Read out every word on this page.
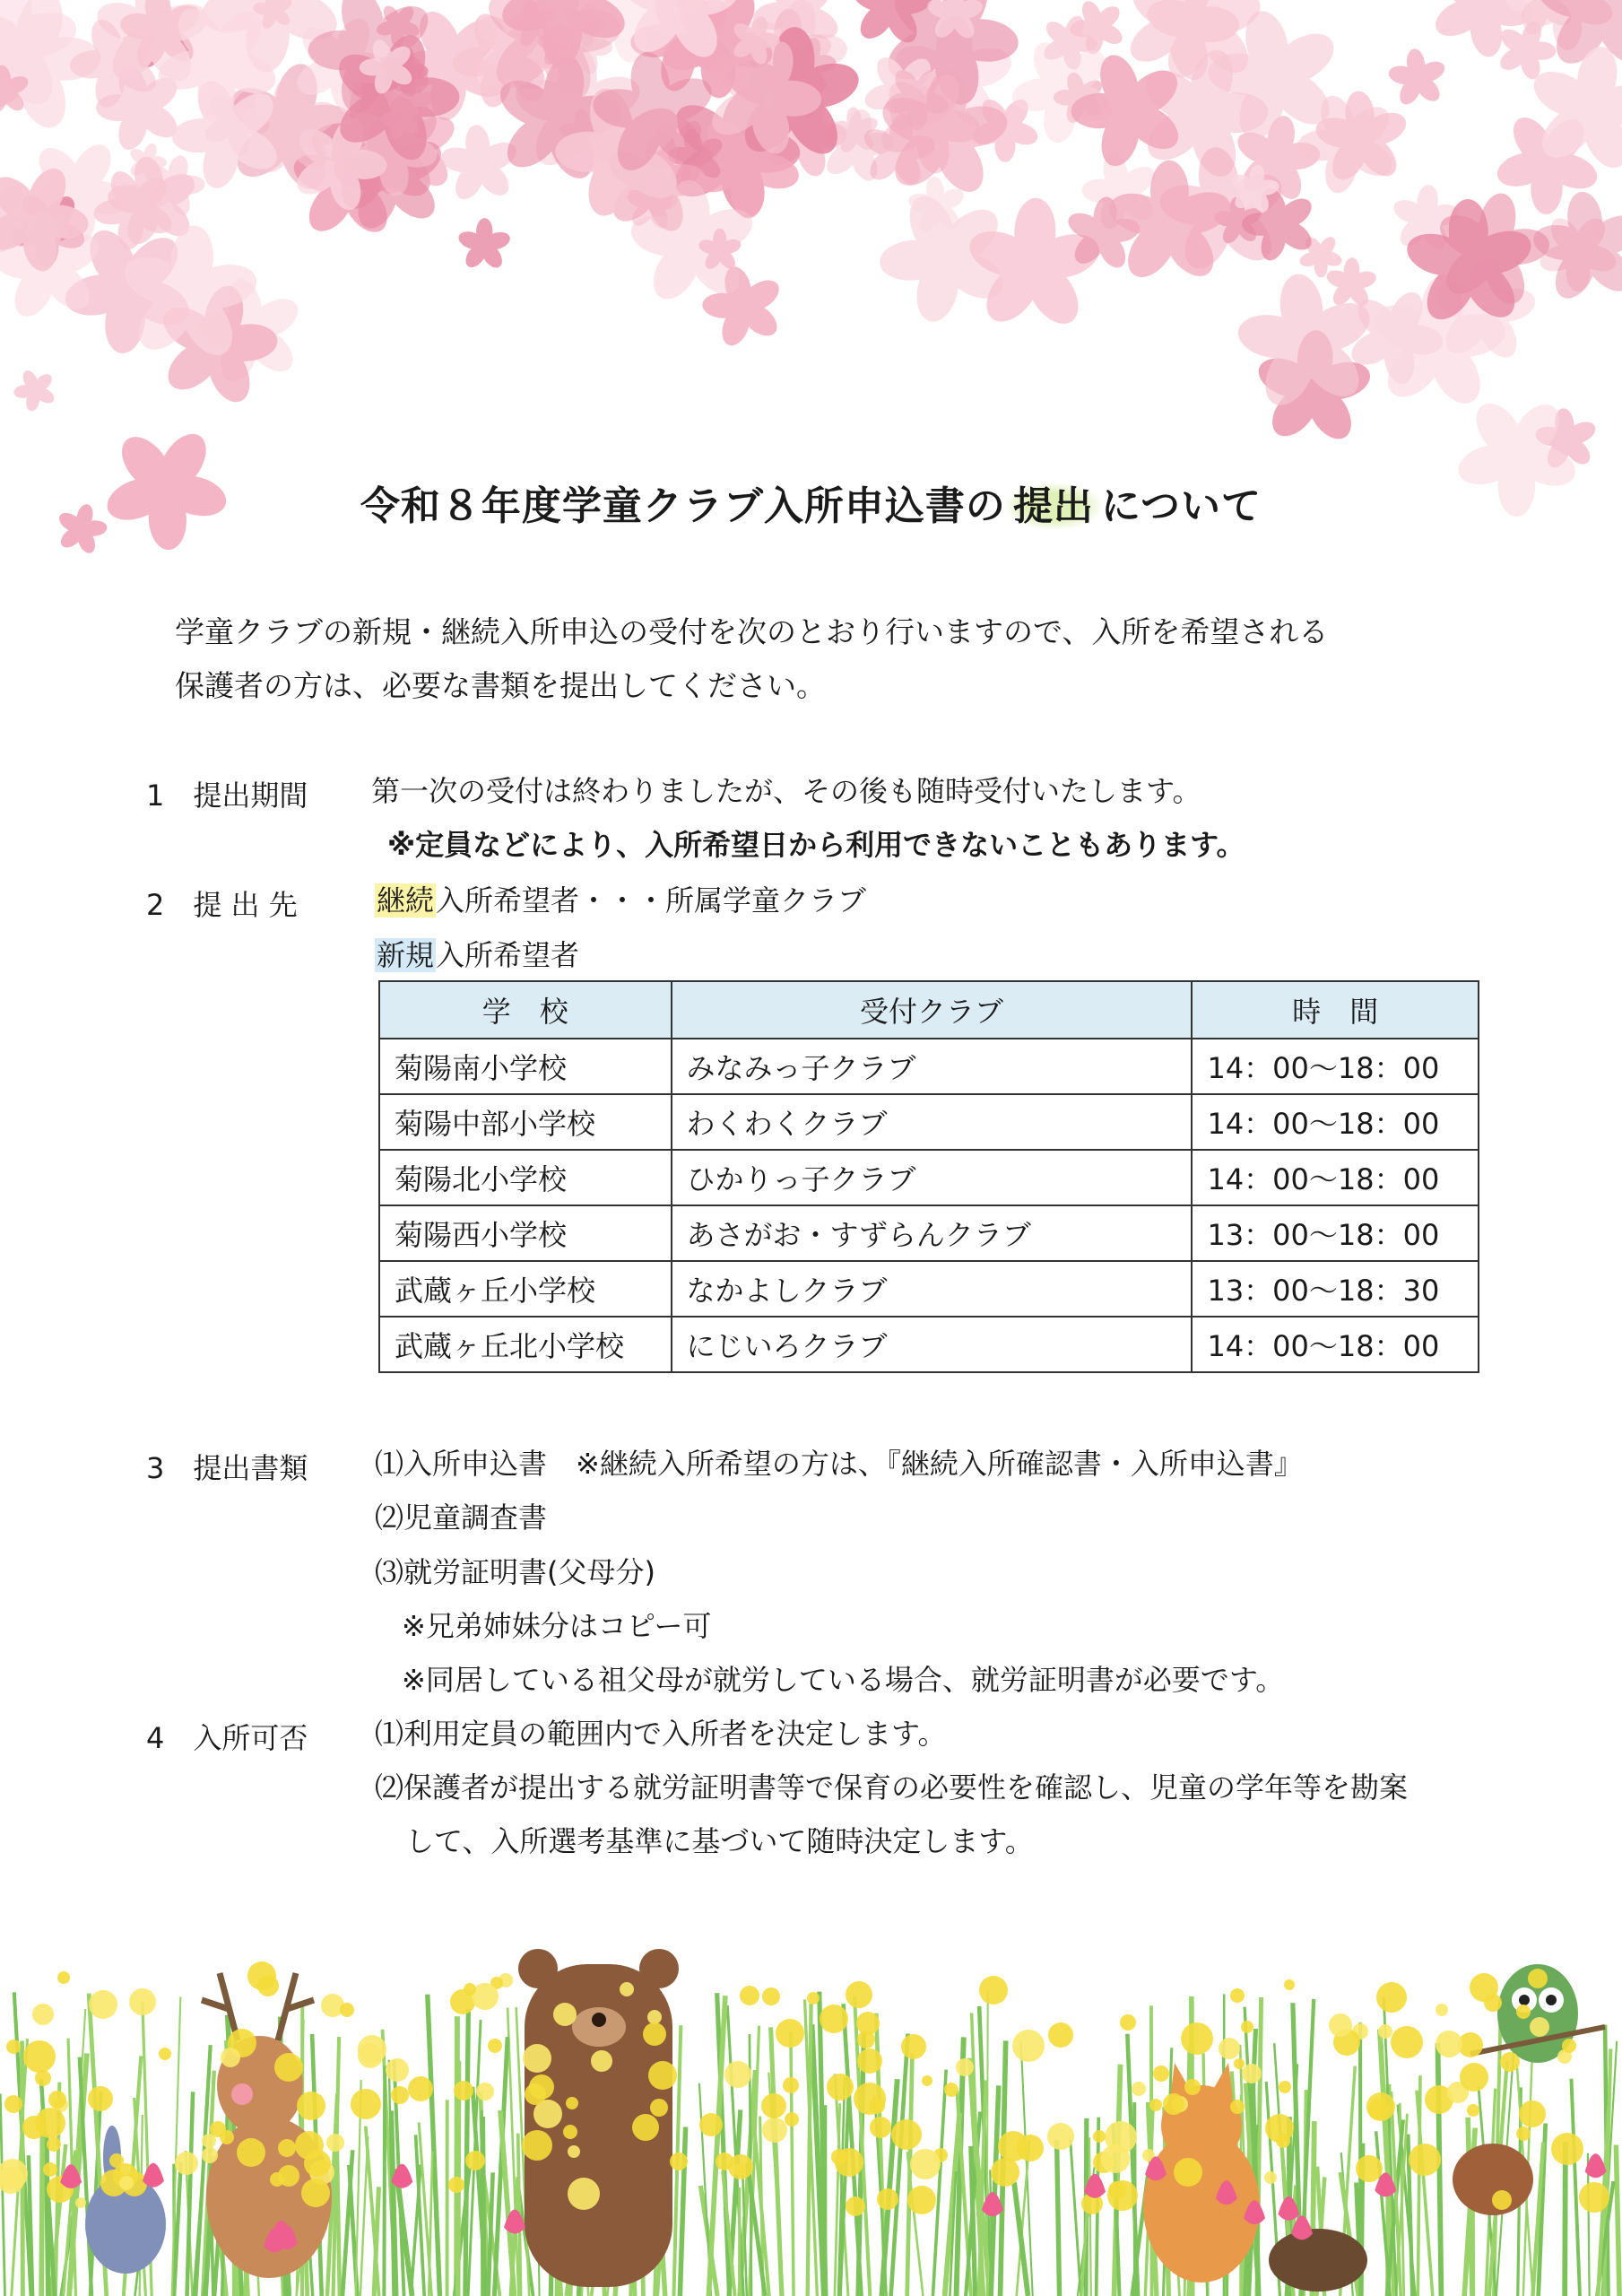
令和８年度学童クラブ入所申込書の 提出 について
学童クラブの新規・継続入所申込の受付を次のとおり行いますので、入所を希望される
保護者の方は、必要な書類を提出してください。
1　提出期間 第一次の受付は終わりましたが、その後も随時受付いたします。
※定員などにより、入所希望日から利用できないこともあります。
2　提 出 先	継続入所希望者・・・所属学童クラブ
新規入所希望者
学　校	受付クラブ	時　間
菊陽南小学校	みなみっ子クラブ	14：00～18：00
菊陽中部小学校	わくわくクラブ	14：00～18：00
菊陽北小学校	ひかりっ子クラブ	14：00～18：00
菊陽西小学校	あさがお・すずらんクラブ	13：00～18：00
武蔵ヶ丘小学校	なかよしクラブ	13：00～18：30
武蔵ヶ丘北小学校	にじいろクラブ	14：00～18：00
3　提出書類 ⑴入所申込書　※継続入所希望の方は、『継続入所確認書・入所申込書』
⑵児童調査書
⑶就労証明書(父母分)
※兄弟姉妹分はコピー可
※同居している祖父母が就労している場合、就労証明書が必要です。
4　入所可否 ⑴利用定員の範囲内で入所者を決定します。
⑵保護者が提出する就労証明書等で保育の必要性を確認し、児童の学年等を勘案
して、入所選考基準に基づいて随時決定します。
